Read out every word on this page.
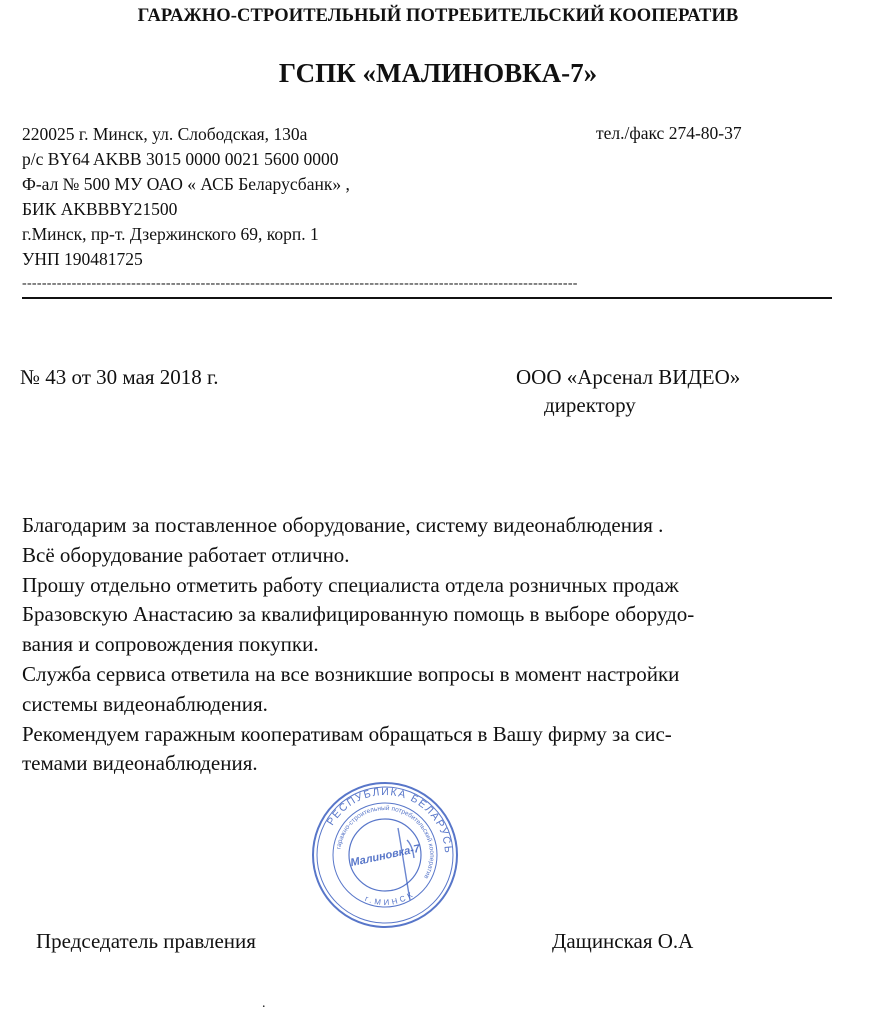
ГАРАЖНО-СТРОИТЕЛЬНЫЙ ПОТРЕБИТЕЛЬСКИЙ КООПЕРАТИВ
ГСПК «МАЛИНОВКА-7»
220025 г. Минск, ул. Слободская, 130а
р/с BY64 AKBB 3015 0000 0021 5600 0000
Ф-ал № 500 МУ ОАО « АСБ Беларусбанк» ,
БИК AKBBBY21500
г.Минск, пр-т. Дзержинского 69, корп. 1
УНП 190481725
тел./факс 274-80-37
----------------------------------------------------------------------------------------------------------------
№ 43 от 30 мая 2018 г.	ООО «Арсенал ВИДЕО»
директору
Благодарим за поставленное оборудование, систему видеонаблюдения .
Всё оборудование работает отлично.
Прошу отдельно отметить работу специалиста отдела розничных продаж
Бразовскую Анастасию за квалифицированную помощь в выборе оборудо-
вания и сопровождения покупки.
Служба сервиса ответила на все возникшие вопросы в момент настройки
системы видеонаблюдения.
Рекомендуем гаражным кооперативам обращаться в Вашу фирму за сис-
темами видеонаблюдения.
РЕСПУБЛИКА БЕЛАРУСЬ
гаражно-строительный потребительский кооператив
г.МИНСК
Малиновка-7
Председатель правления	Дащинская О.А
.
